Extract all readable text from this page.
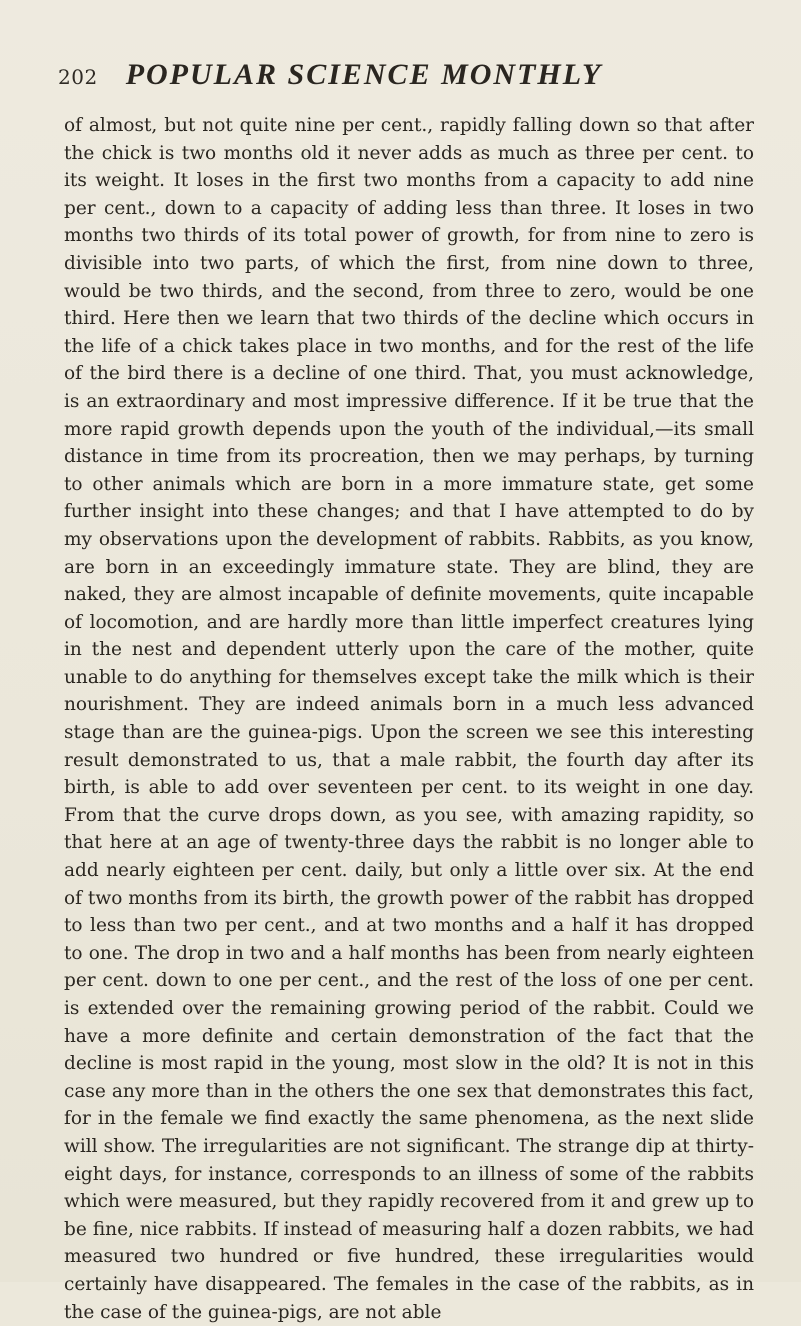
202 POPULAR SCIENCE MONTHLY

of almost, but not quite nine per cent., rapidly falling down so that after the chick is two months old it never adds as much as three per cent. to its weight. It loses in the first two months from a capacity to add nine per cent., down to a capacity of adding less than three. It loses in two months two thirds of its total power of growth, for from nine to zero is divisible into two parts, of which the first, from nine down to three, would be two thirds, and the second, from three to zero, would be one third. Here then we learn that two thirds of the decline which occurs in the life of a chick takes place in two months, and for the rest of the life of the bird there is a decline of one third. That, you must acknowledge, is an extraordinary and most impressive difference. If it be true that the more rapid growth depends upon the youth of the individual,—its small distance in time from its procreation, then we may perhaps, by turning to other animals which are born in a more immature state, get some further insight into these changes; and that I have attempted to do by my observations upon the development of rabbits. Rabbits, as you know, are born in an exceedingly immature state. They are blind, they are naked, they are almost incapable of definite movements, quite incapable of locomotion, and are hardly more than little imperfect creatures lying in the nest and dependent utterly upon the care of the mother, quite unable to do anything for themselves except take the milk which is their nourishment. They are indeed animals born in a much less advanced stage than are the guinea-pigs. Upon the screen we see this interesting result demonstrated to us, that a male rabbit, the fourth day after its birth, is able to add over seventeen per cent. to its weight in one day. From that the curve drops down, as you see, with amazing rapidity, so that here at an age of twenty-three days the rabbit is no longer able to add nearly eighteen per cent. daily, but only a little over six. At the end of two months from its birth, the growth power of the rabbit has dropped to less than two per cent., and at two months and a half it has dropped to one. The drop in two and a half months has been from nearly eighteen per cent. down to one per cent., and the rest of the loss of one per cent. is extended over the remaining growing period of the rabbit. Could we have a more definite and certain demonstration of the fact that the decline is most rapid in the young, most slow in the old? It is not in this case any more than in the others the one sex that demonstrates this fact, for in the female we find exactly the same phenomena, as the next slide will show. The irregularities are not significant. The strange dip at thirty-eight days, for instance, corresponds to an illness of some of the rabbits which were measured, but they rapidly recovered from it and grew up to be fine, nice rabbits. If instead of measuring half a dozen rabbits, we had measured two hundred or five hundred, these irregularities would certainly have disappeared. The females in the case of the rabbits, as in the case of the guinea-pigs, are not able
